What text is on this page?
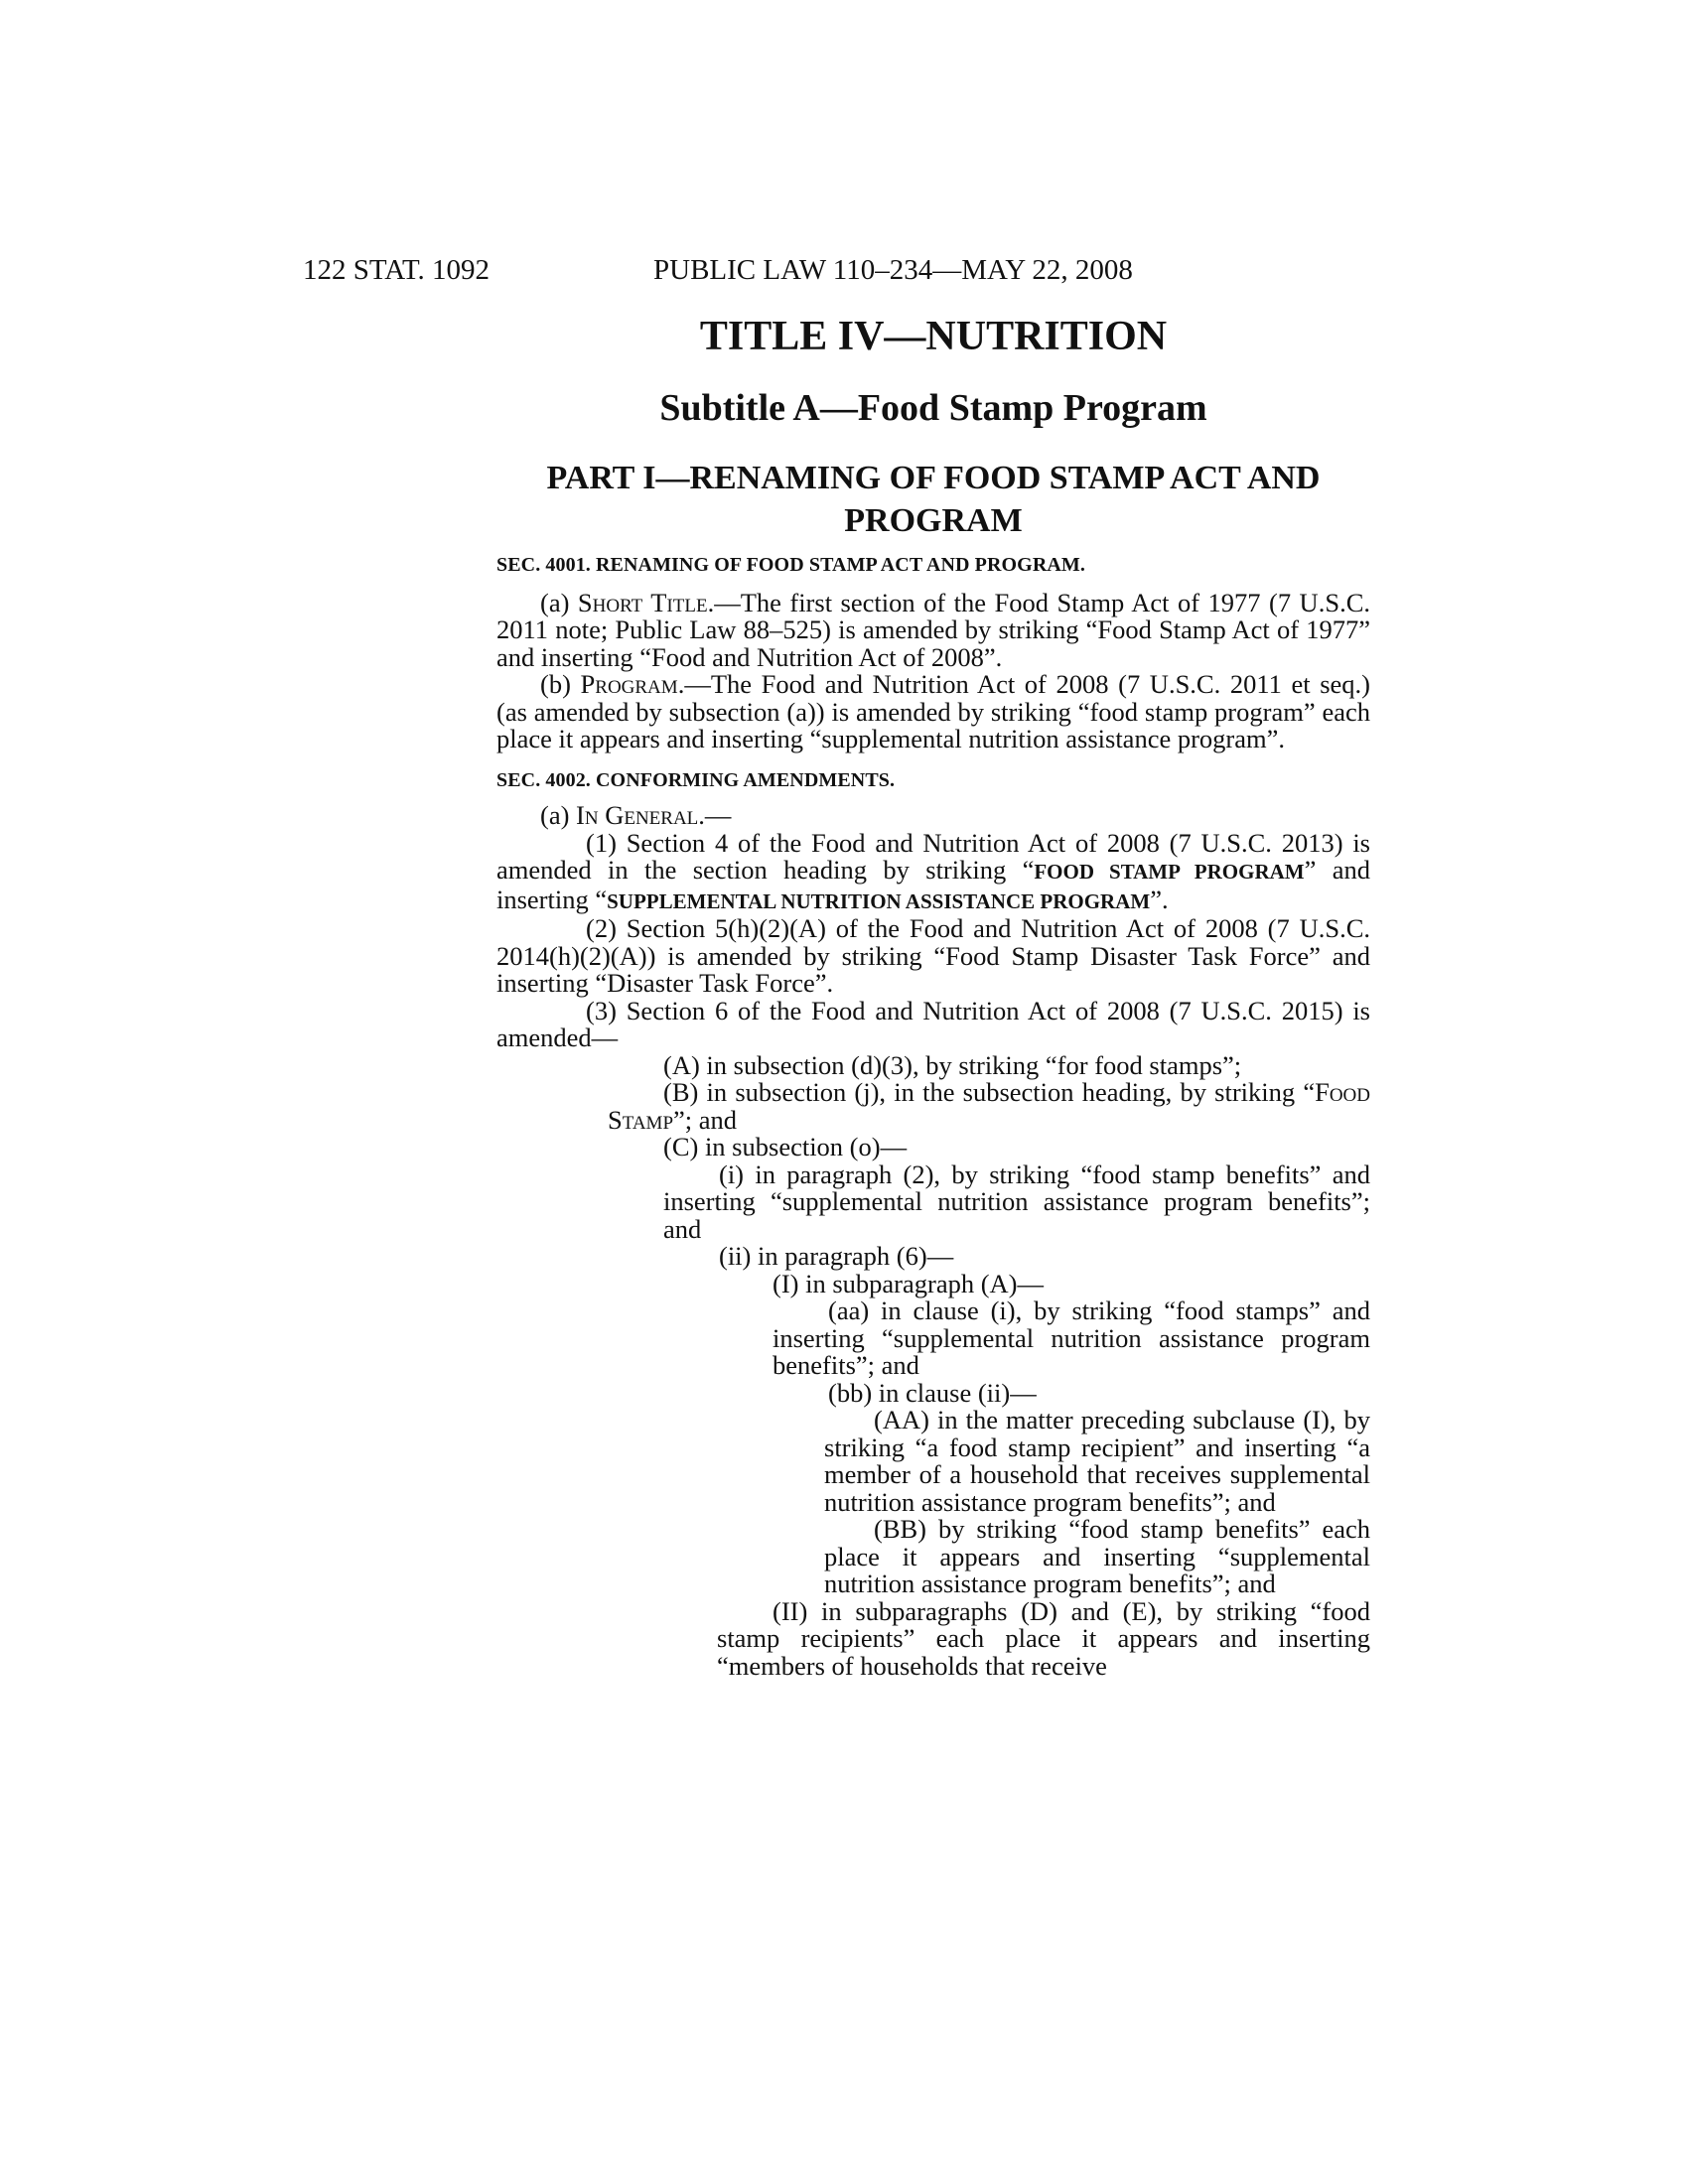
122 STAT. 1092	PUBLIC LAW 110–234—MAY 22, 2008
TITLE IV—NUTRITION
Subtitle A—Food Stamp Program
PART I—RENAMING OF FOOD STAMP ACT AND
PROGRAM

SEC. 4001. RENAMING OF FOOD STAMP ACT AND PROGRAM.

(a) Short Title.—The first section of the Food Stamp Act of 1977 (7 U.S.C. 2011 note; Public Law 88–525) is amended by striking “Food Stamp Act of 1977” and inserting “Food and Nutrition Act of 2008”.

(b) Program.—The Food and Nutrition Act of 2008 (7 U.S.C. 2011 et seq.) (as amended by subsection (a)) is amended by striking “food stamp program” each place it appears and inserting “supplemental nutrition assistance program”.

SEC. 4002. CONFORMING AMENDMENTS.

(a) In General.—

(1) Section 4 of the Food and Nutrition Act of 2008 (7 U.S.C. 2013) is amended in the section heading by striking “FOOD STAMP PROGRAM” and inserting “SUPPLEMENTAL NUTRITION ASSISTANCE PROGRAM”.

(2) Section 5(h)(2)(A) of the Food and Nutrition Act of 2008 (7 U.S.C. 2014(h)(2)(A)) is amended by striking “Food Stamp Disaster Task Force” and inserting “Disaster Task Force”.

(3) Section 6 of the Food and Nutrition Act of 2008 (7 U.S.C. 2015) is amended—

(A) in subsection (d)(3), by striking “for food stamps”;

(B) in subsection (j), in the subsection heading, by striking “Food Stamp”; and

(C) in subsection (o)—

(i) in paragraph (2), by striking “food stamp benefits” and inserting “supplemental nutrition assistance program benefits”; and

(ii) in paragraph (6)—

(I) in subparagraph (A)—

(aa) in clause (i), by striking “food stamps” and inserting “supplemental nutrition assistance program benefits”; and

(bb) in clause (ii)—

(AA) in the matter preceding subclause (I), by striking “a food stamp recipient” and inserting “a member of a household that receives supplemental nutrition assistance program benefits”; and

(BB) by striking “food stamp benefits” each place it appears and inserting “supplemental nutrition assistance program benefits”; and

(II) in subparagraphs (D) and (E), by striking “food stamp recipients” each place it appears and inserting “members of households that receive
